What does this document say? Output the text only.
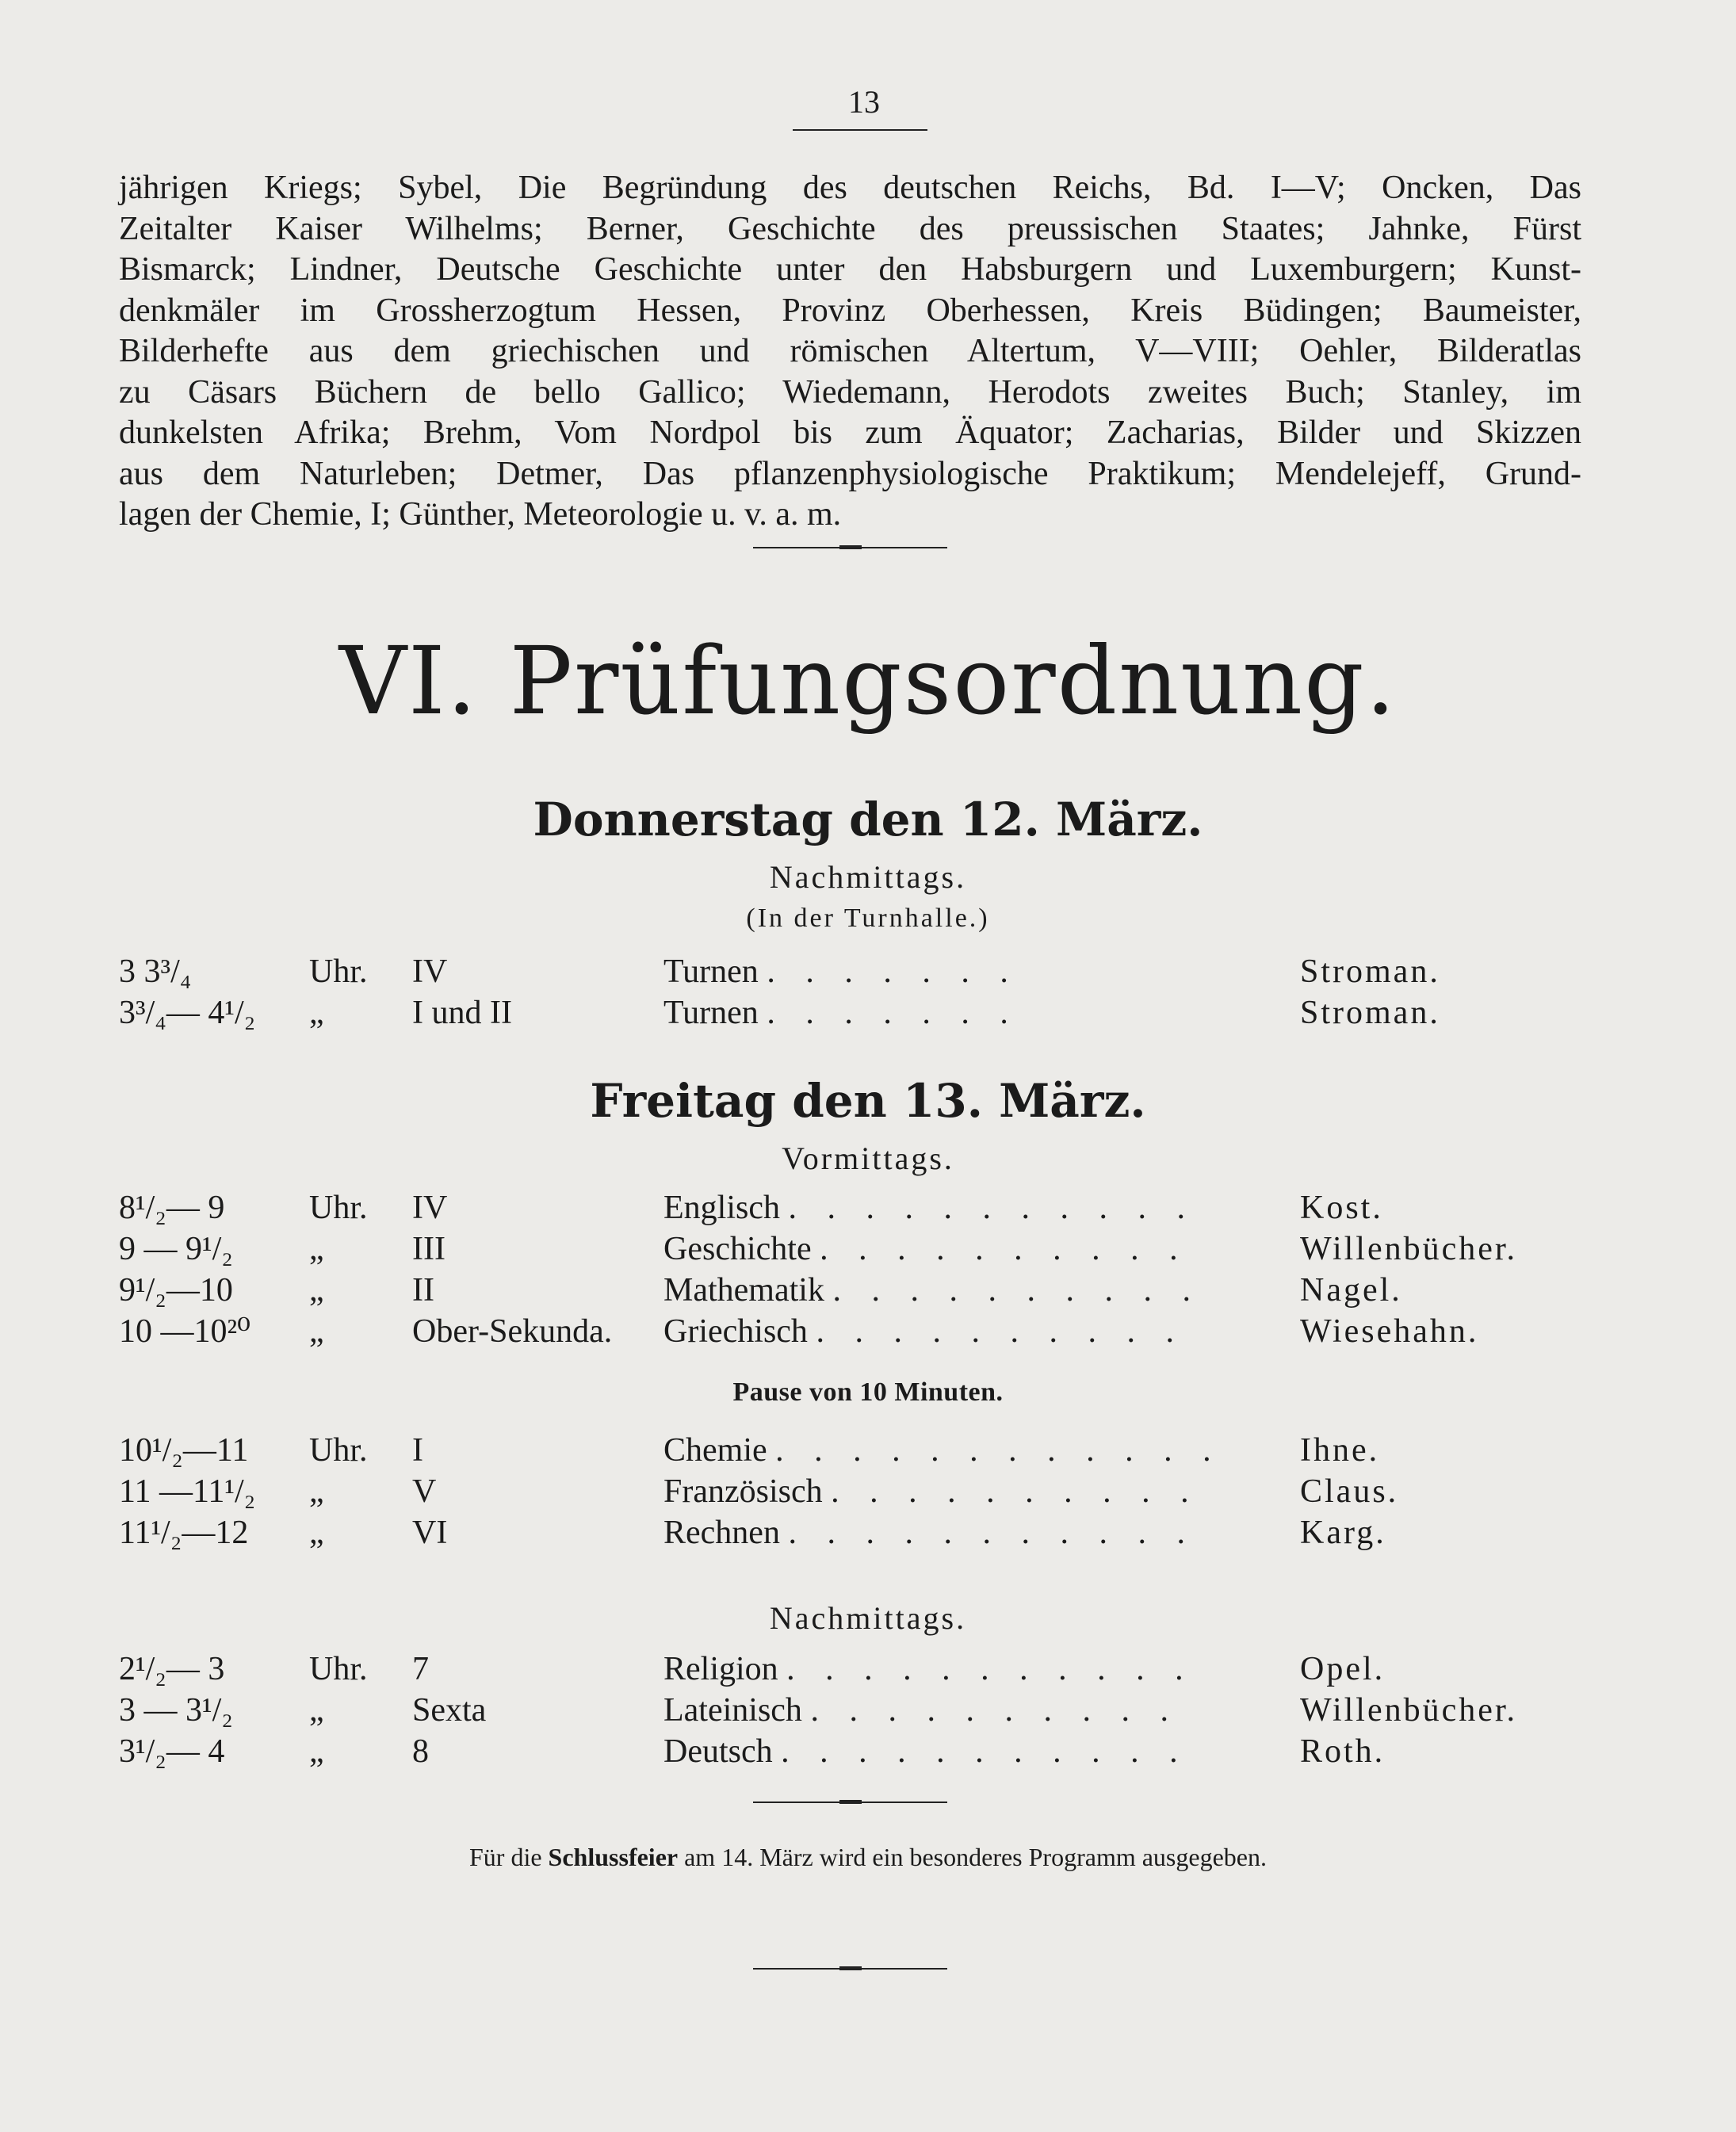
13
jährigen Kriegs; Sybel, Die Begründung des deutschen Reichs, Bd. I—V; Oncken, Das
Zeitalter Kaiser Wilhelms; Berner, Geschichte des preussischen Staates; Jahnke, Fürst
Bismarck; Lindner, Deutsche Geschichte unter den Habsburgern und Luxemburgern; Kunst-
denkmäler im Grossherzogtum Hessen, Provinz Oberhessen, Kreis Büdingen; Baumeister,
Bilderhefte aus dem griechischen und römischen Altertum, V—VIII; Oehler, Bilderatlas
zu Cäsars Büchern de bello Gallico; Wiedemann, Herodots zweites Buch; Stanley, im
dunkelsten Afrika; Brehm, Vom Nordpol bis zum Äquator; Zacharias, Bilder und Skizzen
aus dem Naturleben; Detmer, Das pflanzenphysiologische Praktikum; Mendelejeff, Grund-
lagen der Chemie, I; Günther, Meteorologie u. v. a. m.
VI. Prüfungsordnung.
Donnerstag den 12. März.
Nachmittags.
(In der Turnhalle.)
3 3³/₄	Uhr. IV	Turnen . . . . . . .	Stroman.
3³/₄— 4¹/₂ „	I und II	Turnen . . . . . . .	Stroman.
Freitag den 13. März.
Vormittags.
8¹/₂— 9	Uhr. IV	Englisch . . . . . . . . . . .	Kost.
9 — 9¹/₂ „	III	Geschichte . . . . . . . . . .	Willenbücher.
9¹/₂—10 „	II	Mathematik . . . . . . . . . .	Nagel.
10 —10²⁰ „	Ober-Sekunda. Griechisch . . . . . . . . . .	Wiesehahn.
Pause von 10 Minuten.
10¹/₂—11 Uhr. I	Chemie . . . . . . . . . . . .	Ihne.
11 —11¹/₂ „	V	Französisch . . . . . . . . . .	Claus.
11¹/₂—12 „	VI	Rechnen . . . . . . . . . . .	Karg.
Nachmittags.
2¹/₂— 3	Uhr. 7	Religion . . . . . . . . . . .	Opel.
3 — 3¹/₂ „	Sexta	Lateinisch . . . . . . . . . .	Willenbücher.
3¹/₂— 4	„	8	Deutsch . . . . . . . . . . .	Roth.
Für die Schlussfeier am 14. März wird ein besonderes Programm ausgegeben.
